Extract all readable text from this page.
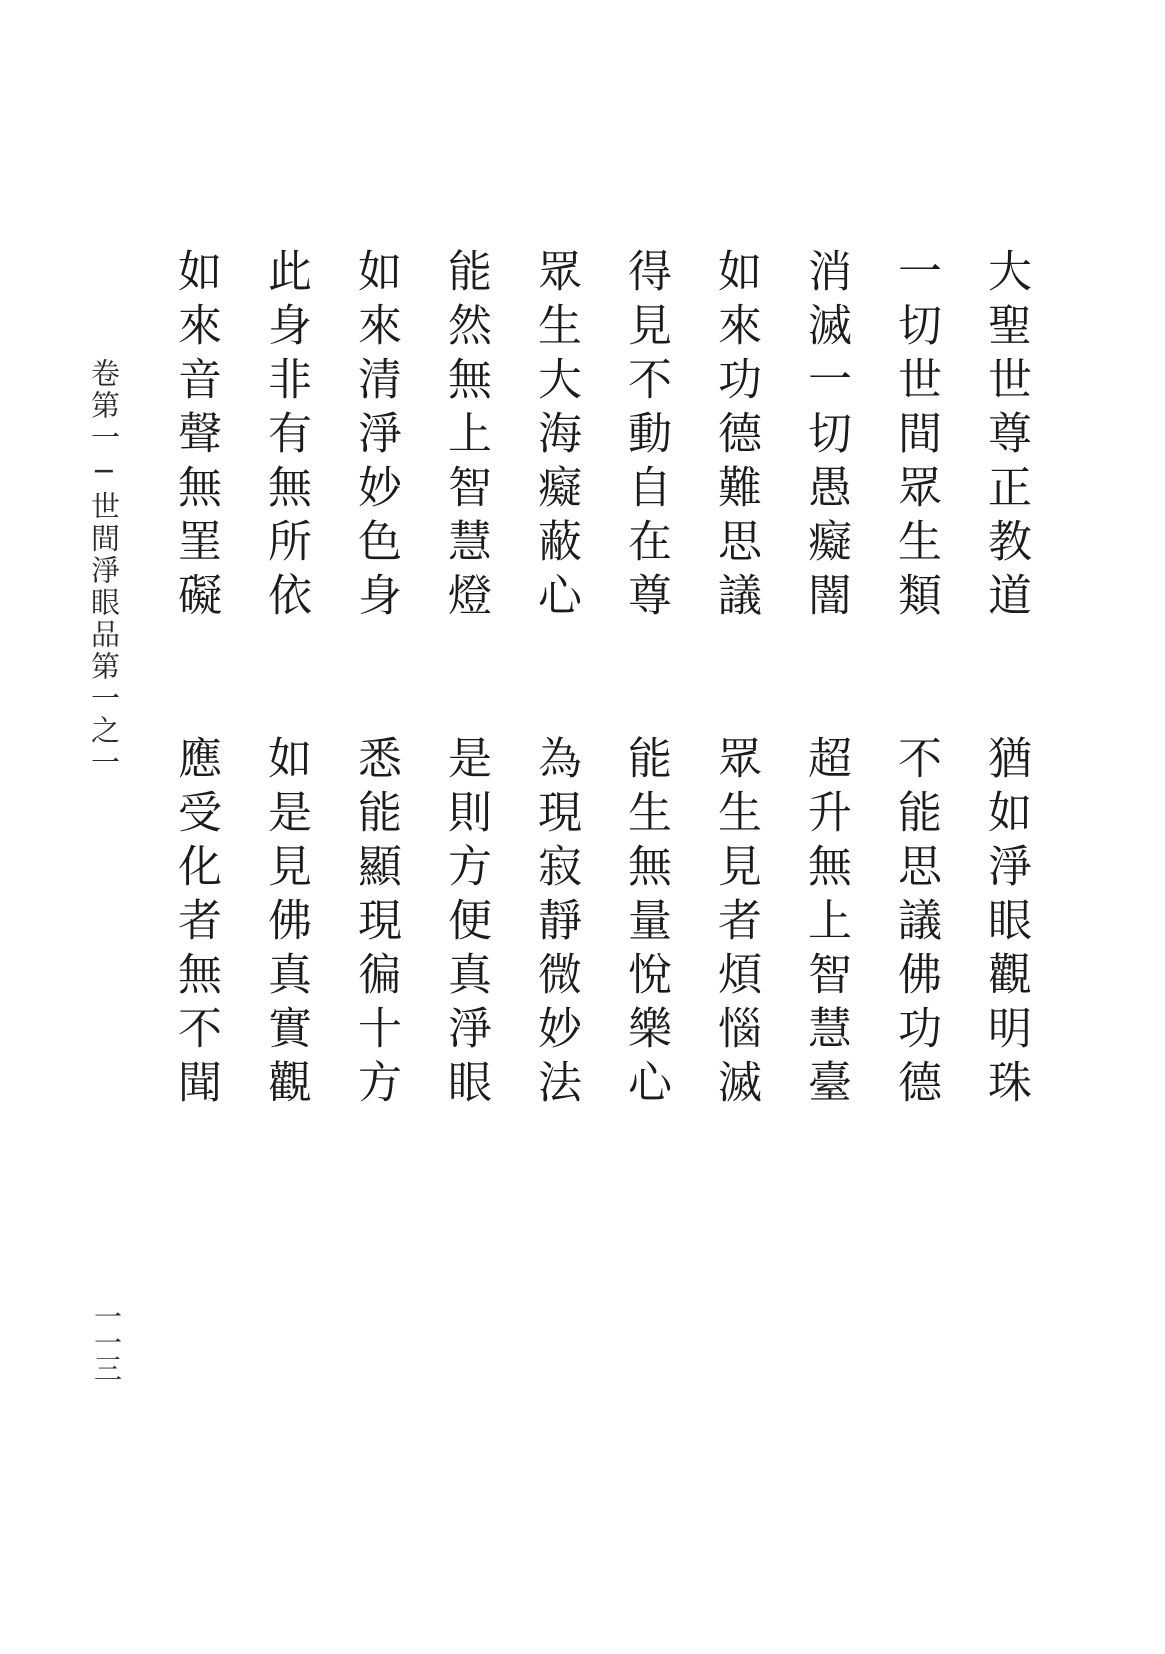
大聖世尊正教道
一切世間眾生類
消滅一切愚癡闇
如來功德難思議
得見不動自在尊
眾生大海癡蔽心
能然無上智慧燈
如來清淨妙色身
此身非有無所依
如來音聲無罣礙
猶如淨眼觀明珠
不能思議佛功德
超升無上智慧臺
眾生見者煩惱滅
能生無量悅樂心
為現寂靜微妙法
是則方便真淨眼
悉能顯現徧十方
如是見佛真實觀
應受化者無不聞
卷第一─世間淨眼品第一之一
一一三
